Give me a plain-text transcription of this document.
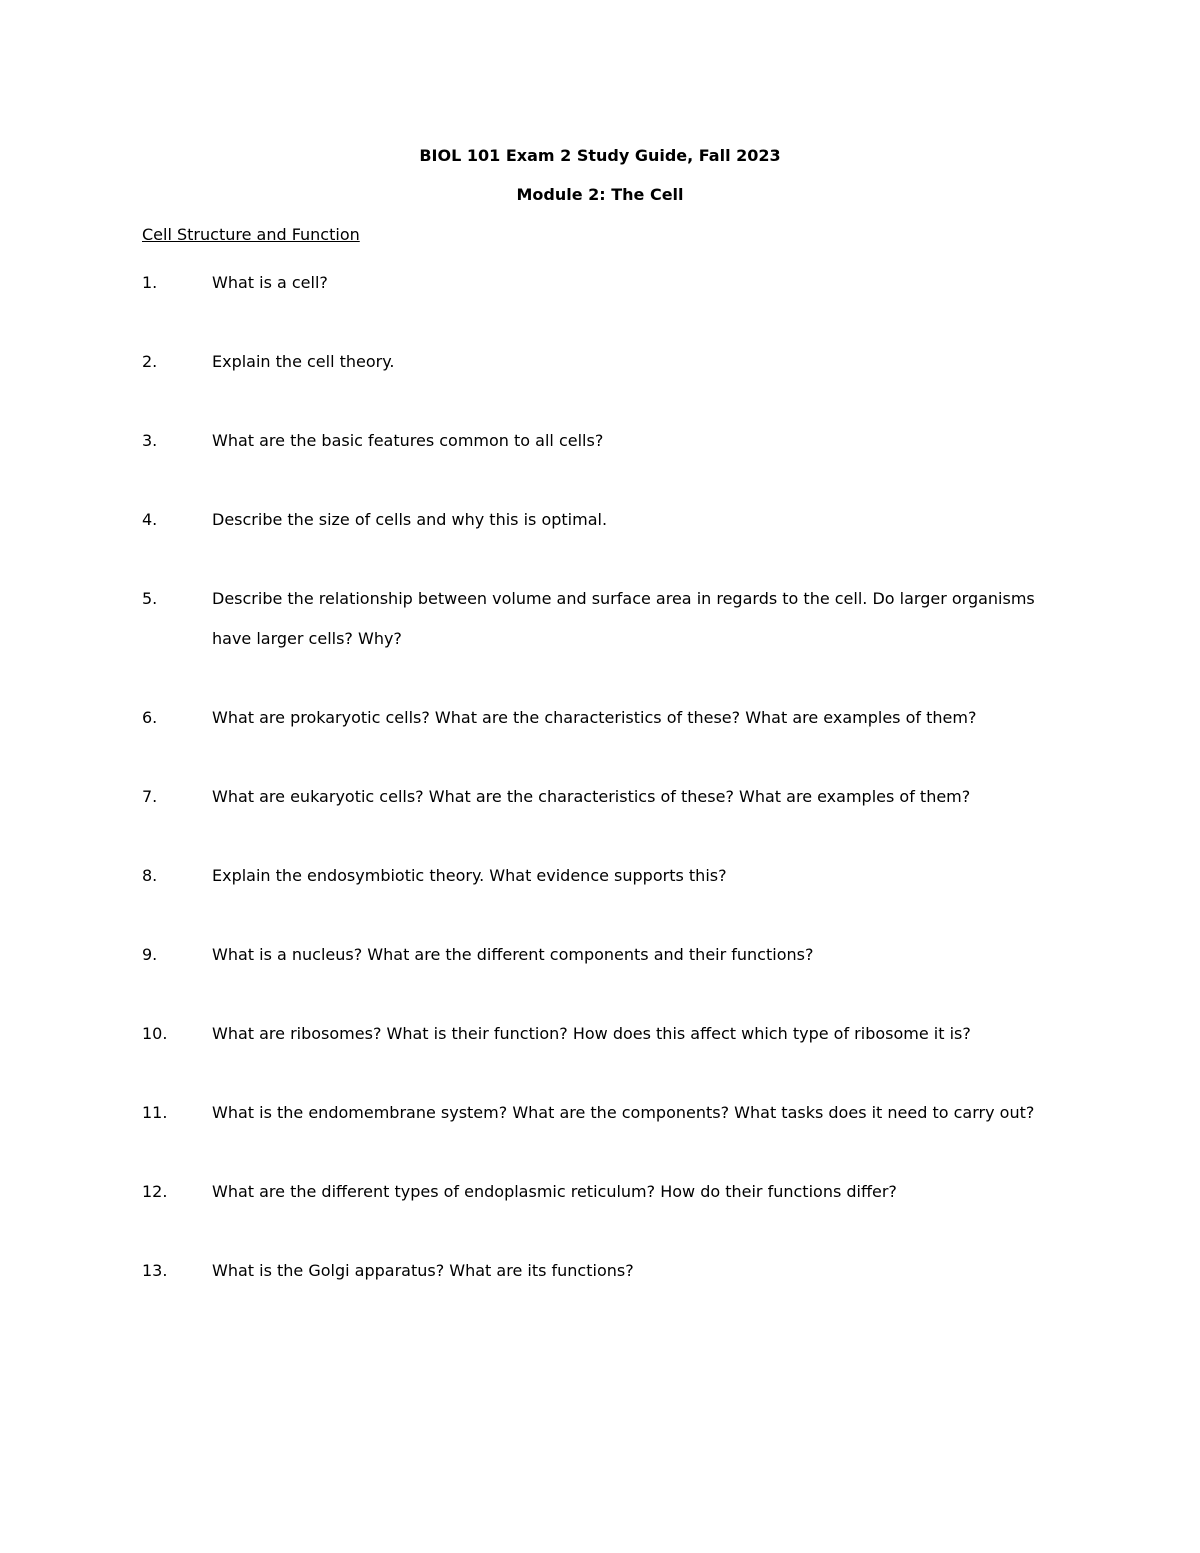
BIOL 101 Exam 2 Study Guide, Fall 2023
Module 2: The Cell
Cell Structure and Function
1.	What is a cell?
2.	Explain the cell theory.
3.	What are the basic features common to all cells?
4.	Describe the size of cells and why this is optimal.
5.	Describe the relationship between volume and surface area in regards to the cell. Do larger organisms have larger cells? Why?
6.	What are prokaryotic cells? What are the characteristics of these? What are examples of them?
7.	What are eukaryotic cells? What are the characteristics of these? What are examples of them?
8.	Explain the endosymbiotic theory. What evidence supports this?
9.	What is a nucleus? What are the different components and their functions?
10.	What are ribosomes? What is their function? How does this affect which type of ribosome it is?
11.	What is the endomembrane system? What are the components? What tasks does it need to carry out?
12.	What are the different types of endoplasmic reticulum? How do their functions differ?
13.	What is the Golgi apparatus? What are its functions?
